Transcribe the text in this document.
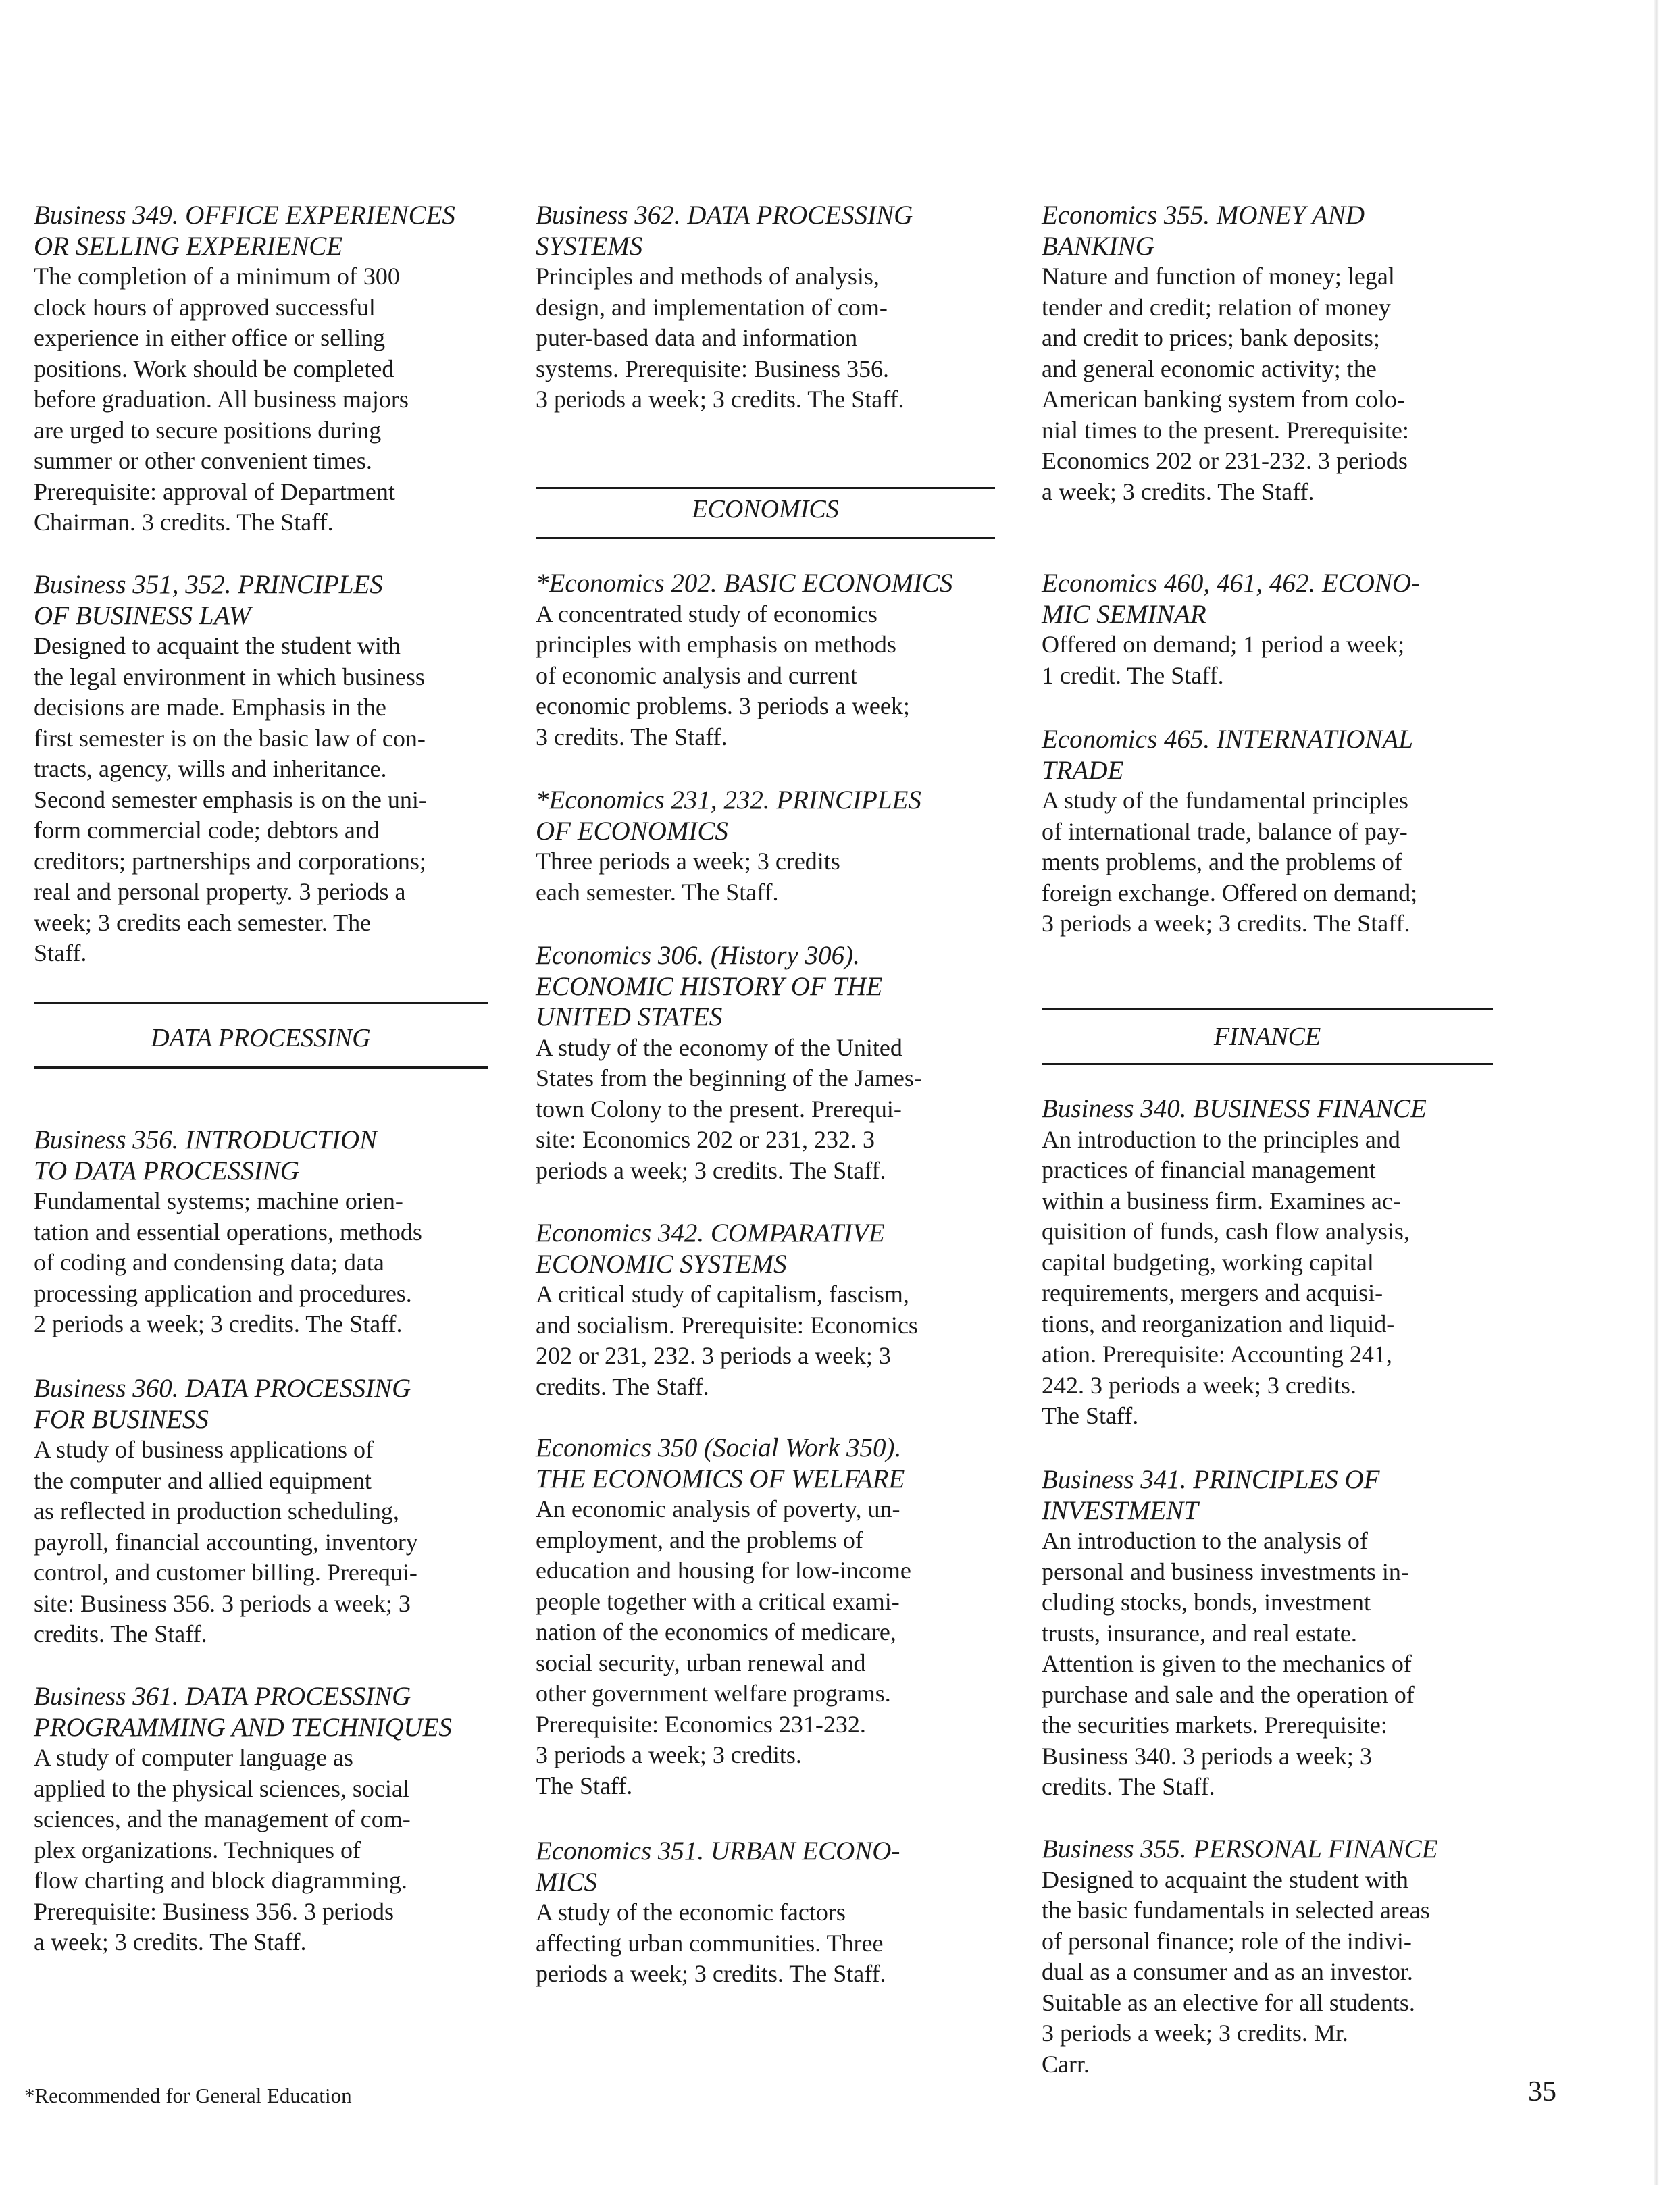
Business 349. OFFICE EXPERIENCES
OR SELLING EXPERIENCE

The completion of a minimum of 300
clock hours of approved successful
experience in either office or selling
positions. Work should be completed
before graduation. All business majors
are urged to secure positions during
summer or other convenient times.
Prerequisite: approval of Department
Chairman. 3 credits. The Staff.

Business 351, 352. PRINCIPLES
OF BUSINESS LAW

Designed to acquaint the student with
the legal environment in which business
decisions are made. Emphasis in the
first semester is on the basic law of con-
tracts, agency, wills and inheritance.
Second semester emphasis is on the uni-
form commercial code; debtors and
creditors; partnerships and corporations;
real and personal property. 3 periods a
week; 3 credits each semester. The
Staff.

DATA PROCESSING

Business 356. INTRODUCTION
TO DATA PROCESSING

Fundamental systems; machine orien-
tation and essential operations, methods
of coding and condensing data; data
processing application and procedures.
2 periods a week; 3 credits. The Staff.

Business 360. DATA PROCESSING
FOR BUSINESS

A study of business applications of
the computer and allied equipment
as reflected in production scheduling,
payroll, financial accounting, inventory
control, and customer billing. Prerequi-
site: Business 356. 3 periods a week; 3
credits. The Staff.

Business 361. DATA PROCESSING
PROGRAMMING AND TECHNIQUES

A study of computer language as
applied to the physical sciences, social
sciences, and the management of com-
plex organizations. Techniques of
flow charting and block diagramming.
Prerequisite: Business 356. 3 periods
a week; 3 credits. The Staff.

Business 362. DATA PROCESSING
SYSTEMS

Principles and methods of analysis,
design, and implementation of com-
puter-based data and information
systems. Prerequisite: Business 356.
3 periods a week; 3 credits. The Staff.

ECONOMICS

*Economics 202. BASIC ECONOMICS

A concentrated study of economics
principles with emphasis on methods
of economic analysis and current
economic problems. 3 periods a week;
3 credits. The Staff.

*Economics 231, 232. PRINCIPLES
OF ECONOMICS

Three periods a week; 3 credits
each semester. The Staff.

Economics 306. (History 306).
ECONOMIC HISTORY OF THE
UNITED STATES

A study of the economy of the United
States from the beginning of the James-
town Colony to the present. Prerequi-
site: Economics 202 or 231, 232. 3
periods a week; 3 credits. The Staff.

Economics 342. COMPARATIVE
ECONOMIC SYSTEMS

A critical study of capitalism, fascism,
and socialism. Prerequisite: Economics
202 or 231, 232. 3 periods a week; 3
credits. The Staff.

Economics 350 (Social Work 350).
THE ECONOMICS OF WELFARE

An economic analysis of poverty, un-
employment, and the problems of
education and housing for low-income
people together with a critical exami-
nation of the economics of medicare,
social security, urban renewal and
other government welfare programs.
Prerequisite: Economics 231-232.
3 periods a week; 3 credits.
The Staff.

Economics 351. URBAN ECONO-
MICS

A study of the economic factors
affecting urban communities. Three
periods a week; 3 credits. The Staff.

Economics 355. MONEY AND
BANKING

Nature and function of money; legal
tender and credit; relation of money
and credit to prices; bank deposits;
and general economic activity; the
American banking system from colo-
nial times to the present. Prerequisite:
Economics 202 or 231-232. 3 periods
a week; 3 credits. The Staff.

Economics 460, 461, 462. ECONO-
MIC SEMINAR

Offered on demand; 1 period a week;
1 credit. The Staff.

Economics 465. INTERNATIONAL
TRADE

A study of the fundamental principles
of international trade, balance of pay-
ments problems, and the problems of
foreign exchange. Offered on demand;
3 periods a week; 3 credits. The Staff.

FINANCE

Business 340. BUSINESS FINANCE

An introduction to the principles and
practices of financial management
within a business firm. Examines ac-
quisition of funds, cash flow analysis,
capital budgeting, working capital
requirements, mergers and acquisi-
tions, and reorganization and liquid-
ation. Prerequisite: Accounting 241,
242. 3 periods a week; 3 credits.
The Staff.

Business 341. PRINCIPLES OF
INVESTMENT

An introduction to the analysis of
personal and business investments in-
cluding stocks, bonds, investment
trusts, insurance, and real estate.
Attention is given to the mechanics of
purchase and sale and the operation of
the securities markets. Prerequisite:
Business 340. 3 periods a week; 3
credits. The Staff.

Business 355. PERSONAL FINANCE

Designed to acquaint the student with
the basic fundamentals in selected areas
of personal finance; role of the indivi-
dual as a consumer and as an investor.
Suitable as an elective for all students.
3 periods a week; 3 credits. Mr.
Carr.

*Recommended for General Education	35
